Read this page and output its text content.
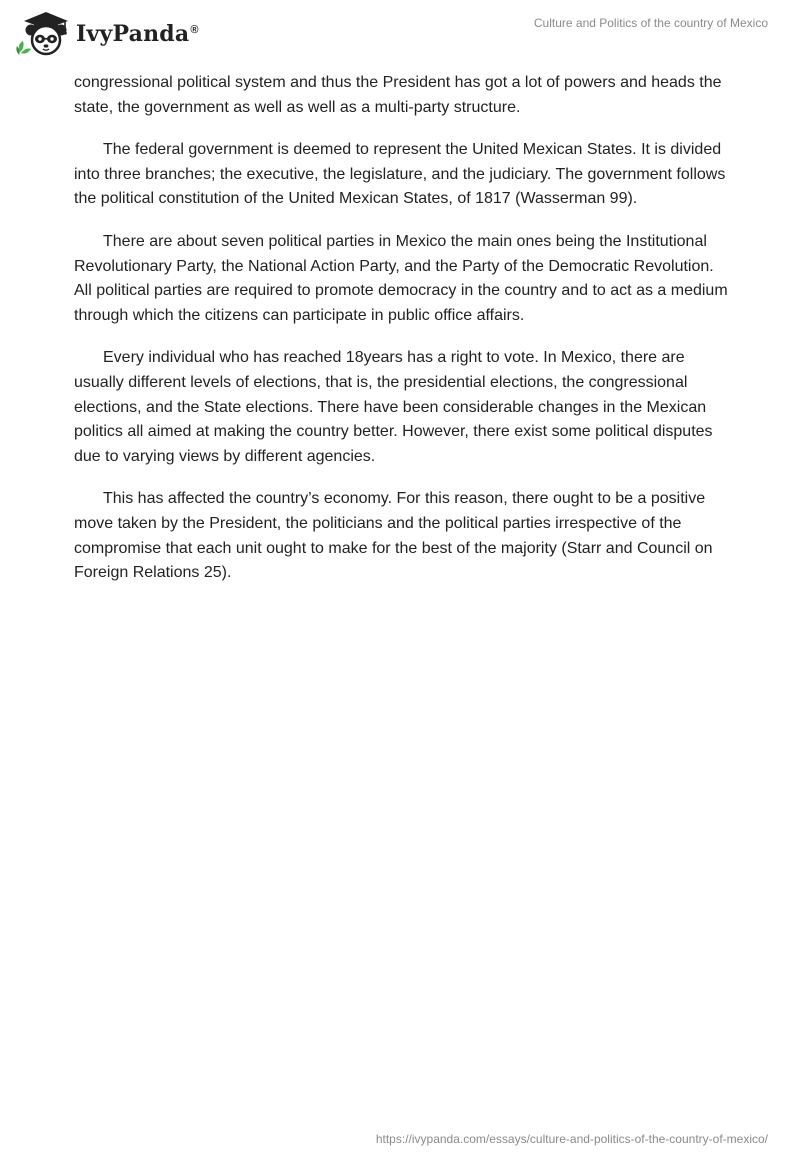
IvyPanda®	Culture and Politics of the country of Mexico

congressional political system and thus the President has got a lot of powers and heads the state, the government as well as well as a multi-party structure.

The federal government is deemed to represent the United Mexican States. It is divided into three branches; the executive, the legislature, and the judiciary. The government follows the political constitution of the United Mexican States, of 1817 (Wasserman 99).

There are about seven political parties in Mexico the main ones being the Institutional Revolutionary Party, the National Action Party, and the Party of the Democratic Revolution. All political parties are required to promote democracy in the country and to act as a medium through which the citizens can participate in public office affairs.

Every individual who has reached 18years has a right to vote. In Mexico, there are usually different levels of elections, that is, the presidential elections, the congressional elections, and the State elections. There have been considerable changes in the Mexican politics all aimed at making the country better. However, there exist some political disputes due to varying views by different agencies.

This has affected the country’s economy. For this reason, there ought to be a positive move taken by the President, the politicians and the political parties irrespective of the compromise that each unit ought to make for the best of the majority (Starr and Council on Foreign Relations 25).

https://ivypanda.com/essays/culture-and-politics-of-the-country-of-mexico/
